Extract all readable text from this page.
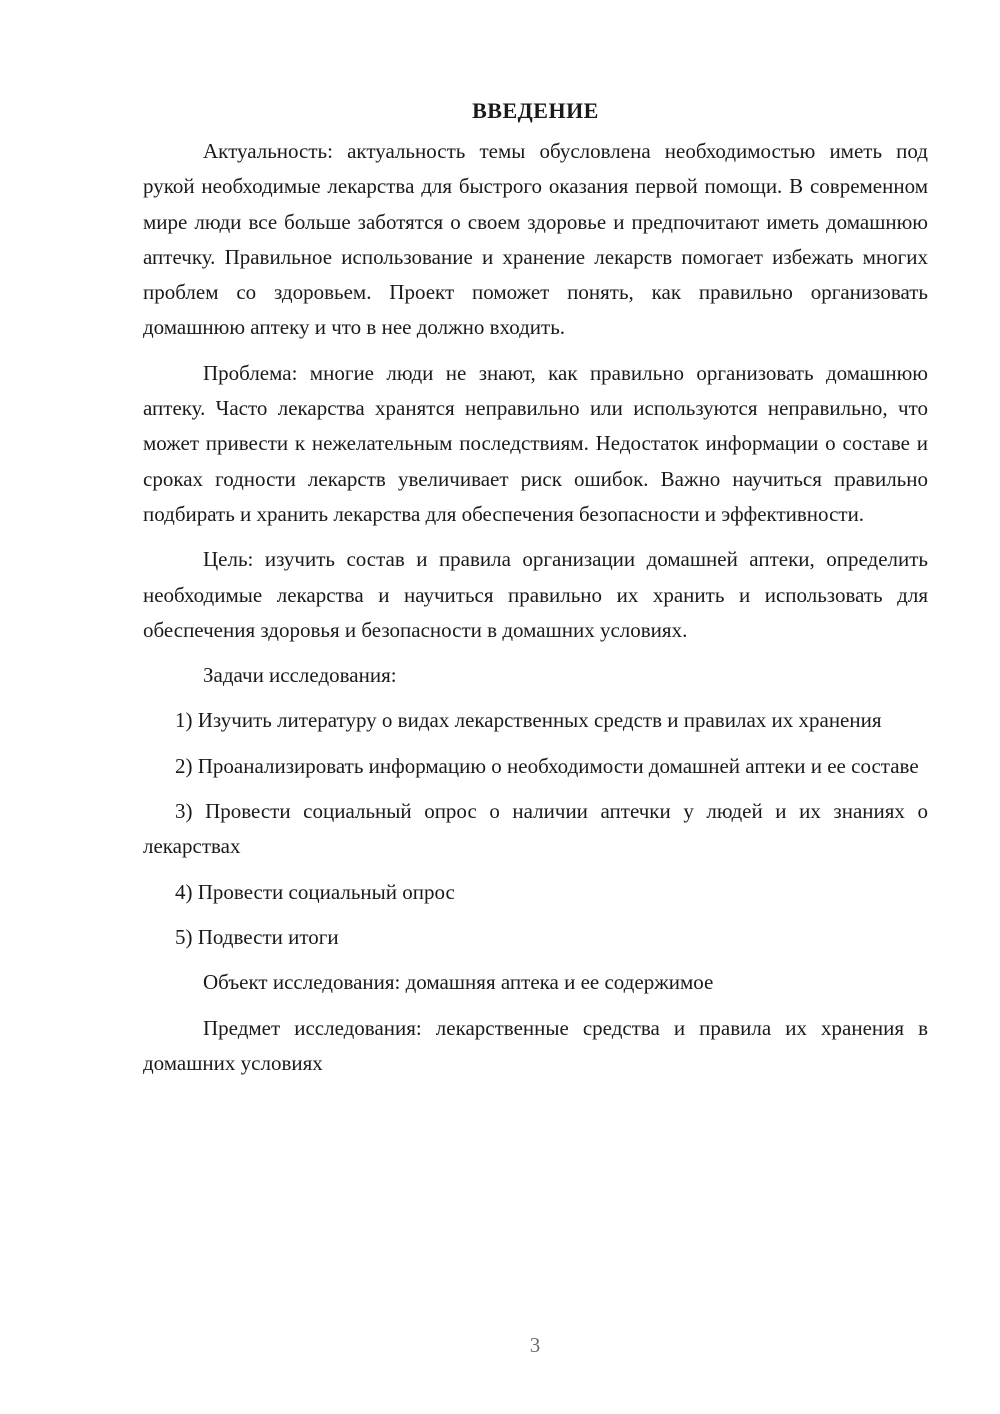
ВВЕДЕНИЕ

Актуальность: актуальность темы обусловлена необходимостью иметь под рукой необходимые лекарства для быстрого оказания первой помощи. В современном мире люди все больше заботятся о своем здоровье и предпочитают иметь домашнюю аптечку. Правильное использование и хранение лекарств помогает избежать многих проблем со здоровьем. Проект поможет понять, как правильно организовать домашнюю аптеку и что в нее должно входить.

Проблема: многие люди не знают, как правильно организовать домашнюю аптеку. Часто лекарства хранятся неправильно или используются неправильно, что может привести к нежелательным последствиям. Недостаток информации о составе и сроках годности лекарств увеличивает риск ошибок. Важно научиться правильно подбирать и хранить лекарства для обеспечения безопасности и эффективности.

Цель: изучить состав и правила организации домашней аптеки, определить необходимые лекарства и научиться правильно их хранить и использовать для обеспечения здоровья и безопасности в домашних условиях.

Задачи исследования:

1) Изучить литературу о видах лекарственных средств и правилах их хранения

2) Проанализировать информацию о необходимости домашней аптеки и ее составе

3) Провести социальный опрос о наличии аптечки у людей и их знаниях о лекарствах

4) Провести социальный опрос

5) Подвести итоги

Объект исследования: домашняя аптека и ее содержимое

Предмет исследования: лекарственные средства и правила их хранения в домашних условиях

3
